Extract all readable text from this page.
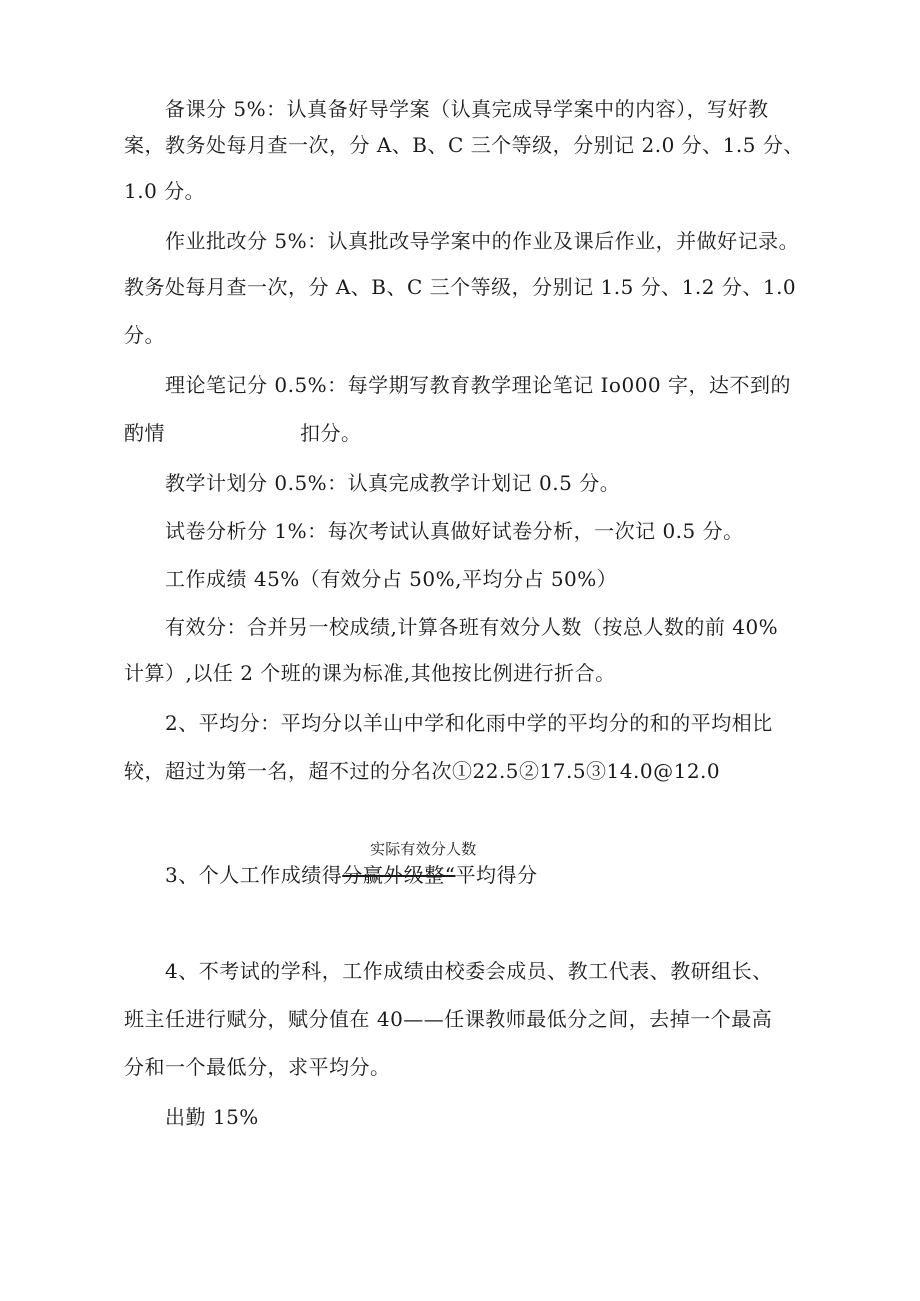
备课分 5%：认真备好导学案（认真完成导学案中的内容），写好教
案，教务处每月查一次，分 A、B、C 三个等级，分别记 2.0 分、1.5 分、
1.0 分。
作业批改分 5%：认真批改导学案中的作业及课后作业，并做好记录。
教务处每月查一次，分 A、B、C 三个等级，分别记 1.5 分、1.2 分、1.0
分。
理论笔记分 0.5%：每学期写教育教学理论笔记 Io000 字，达不到的
酌情	扣分。
教学计划分 0.5%：认真完成教学计划记 0.5 分。
试卷分析分 1%：每次考试认真做好试卷分析，一次记 0.5 分。
工作成绩 45%（有效分占 50%,平均分占 50%）
有效分：合并另一校成绩,计算各班有效分人数（按总人数的前 40%
计算）,以任 2 个班的课为标准,其他按比例进行折合。
2、平均分：平均分以羊山中学和化雨中学的平均分的和的平均相比
较，超过为第一名，超不过的分名次①22.5②17.5③14.0@12.0
实际有效分人数
3、个人工作成绩得分赢外级整“平均得分
4、不考试的学科，工作成绩由校委会成员、教工代表、教研组长、
班主任进行赋分，赋分值在 40——任课教师最低分之间，去掉一个最高
分和一个最低分，求平均分。
出勤 15%
